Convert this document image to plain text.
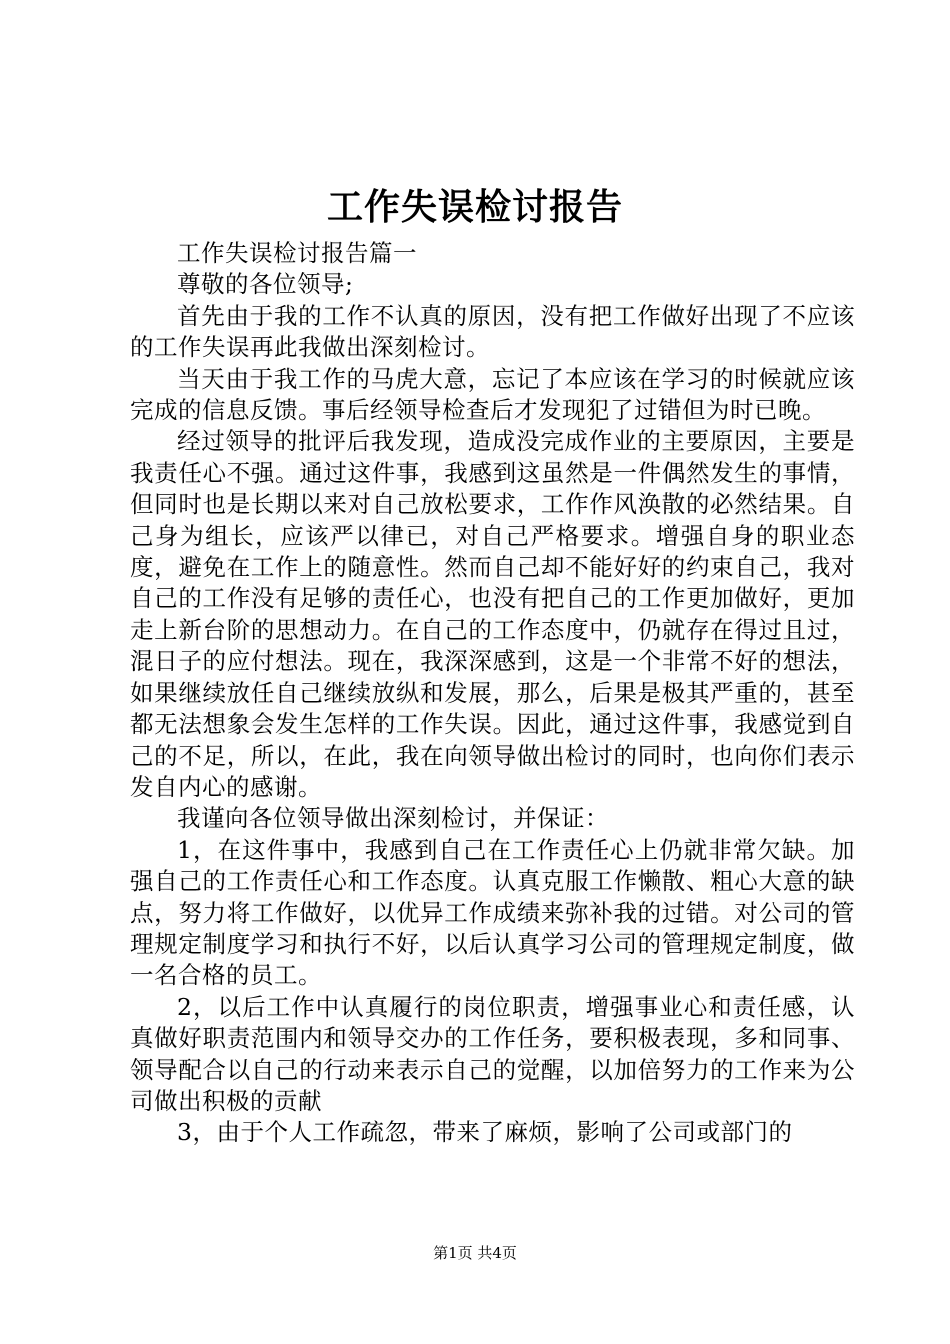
工作失误检讨报告

工作失误检讨报告篇一

尊敬的各位领导;

首先由于我的工作不认真的原因，没有把工作做好出现了不应该的工作失误再此我做出深刻检讨。

当天由于我工作的马虎大意，忘记了本应该在学习的时候就应该完成的信息反馈。事后经领导检查后才发现犯了过错但为时已晚。

经过领导的批评后我发现，造成没完成作业的主要原因，主要是我责任心不强。通过这件事，我感到这虽然是一件偶然发生的事情，但同时也是长期以来对自己放松要求，工作作风涣散的必然结果。自己身为组长，应该严以律已，对自己严格要求。增强自身的职业态度，避免在工作上的随意性。然而自己却不能好好的约束自己，我对自己的工作没有足够的责任心，也没有把自己的工作更加做好，更加走上新台阶的思想动力。在自己的工作态度中，仍就存在得过且过，混日子的应付想法。现在，我深深感到，这是一个非常不好的想法，如果继续放任自己继续放纵和发展，那么，后果是极其严重的，甚至都无法想象会发生怎样的工作失误。因此，通过这件事，我感觉到自己的不足，所以，在此，我在向领导做出检讨的同时，也向你们表示发自内心的感谢。

我谨向各位领导做出深刻检讨，并保证：

1，在这件事中，我感到自己在工作责任心上仍就非常欠缺。加强自己的工作责任心和工作态度。认真克服工作懒散、粗心大意的缺点，努力将工作做好，以优异工作成绩来弥补我的过错。对公司的管理规定制度学习和执行不好，以后认真学习公司的管理规定制度，做一名合格的员工。

2，以后工作中认真履行的岗位职责，增强事业心和责任感，认真做好职责范围内和领导交办的工作任务，要积极表现，多和同事、领导配合以自己的行动来表示自己的觉醒，以加倍努力的工作来为公司做出积极的贡献

3，由于个人工作疏忽，带来了麻烦，影响了公司或部门的

第1页 共4页
